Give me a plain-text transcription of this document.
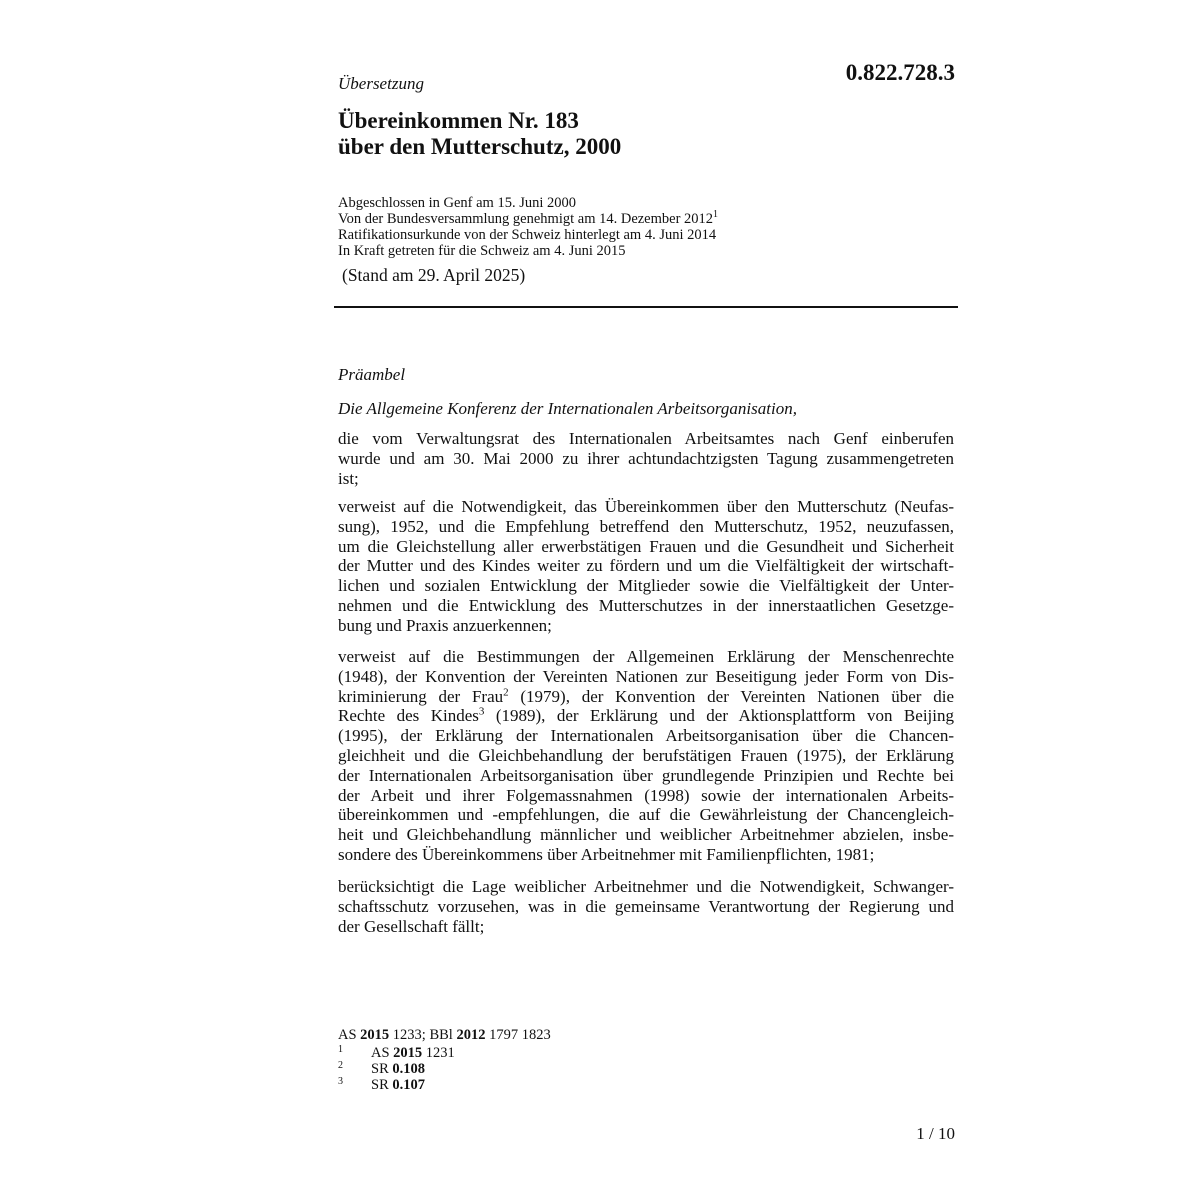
Übersetzung	0.822.728.3
Übereinkommen Nr. 183
über den Mutterschutz, 2000
Abgeschlossen in Genf am 15. Juni 2000
Von der Bundesversammlung genehmigt am 14. Dezember 2012$^1$
Ratifikationsurkunde von der Schweiz hinterlegt am 4. Juni 2014
In Kraft getreten für die Schweiz am 4. Juni 2015
(Stand am 29. April 2025)
Präambel
Die Allgemeine Konferenz der Internationalen Arbeitsorganisation,
die vom Verwaltungsrat des Internationalen Arbeitsamtes nach Genf einberufen
wurde und am 30. Mai 2000 zu ihrer achtundachtzigsten Tagung zusammengetreten
ist;
verweist auf die Notwendigkeit, das Übereinkommen über den Mutterschutz (Neufas-
sung), 1952, und die Empfehlung betreffend den Mutterschutz, 1952, neuzufassen,
um die Gleichstellung aller erwerbstätigen Frauen und die Gesundheit und Sicherheit
der Mutter und des Kindes weiter zu fördern und um die Vielfältigkeit der wirtschaft-
lichen und sozialen Entwicklung der Mitglieder sowie die Vielfältigkeit der Unter-
nehmen und die Entwicklung des Mutterschutzes in der innerstaatlichen Gesetzge-
bung und Praxis anzuerkennen;
verweist auf die Bestimmungen der Allgemeinen Erklärung der Menschenrechte
(1948), der Konvention der Vereinten Nationen zur Beseitigung jeder Form von Dis-
kriminierung der Frau$^2$ (1979), der Konvention der Vereinten Nationen über die
Rechte des Kindes$^3$ (1989), der Erklärung und der Aktionsplattform von Beijing
(1995), der Erklärung der Internationalen Arbeitsorganisation über die Chancen-
gleichheit und die Gleichbehandlung der berufstätigen Frauen (1975), der Erklärung
der Internationalen Arbeitsorganisation über grundlegende Prinzipien und Rechte bei
der Arbeit und ihrer Folgemassnahmen (1998) sowie der internationalen Arbeits-
übereinkommen und -empfehlungen, die auf die Gewährleistung der Chancengleich-
heit und Gleichbehandlung männlicher und weiblicher Arbeitnehmer abzielen, insbe-
sondere des Übereinkommens über Arbeitnehmer mit Familienpflichten, 1981;
berücksichtigt die Lage weiblicher Arbeitnehmer und die Notwendigkeit, Schwanger-
schaftsschutz vorzusehen, was in die gemeinsame Verantwortung der Regierung und
der Gesellschaft fällt;
AS 2015 1233; BBl 2012 1797 1823
1 AS 2015 1231
2 SR 0.108
3 SR 0.107
1 / 10
